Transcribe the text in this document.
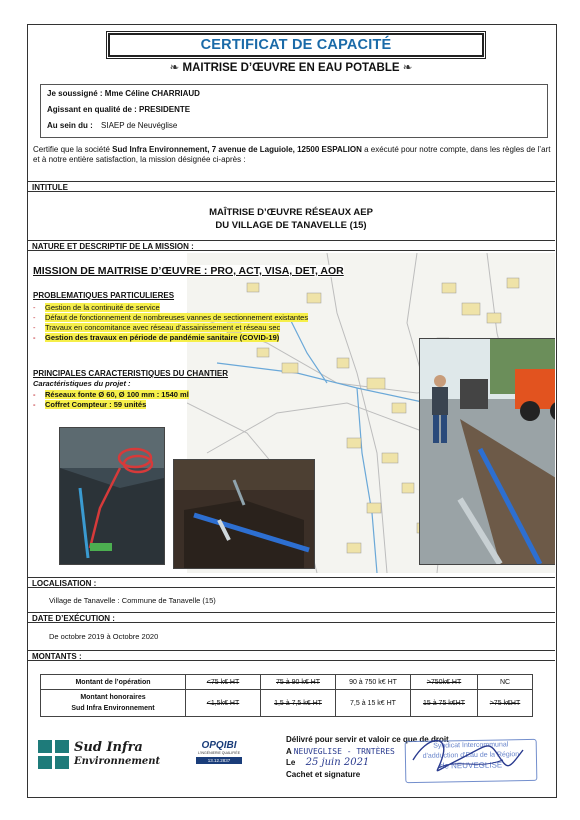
CERTIFICAT DE CAPACITÉ
❧ MAITRISE D’ŒUVRE EN EAU POTABLE ❧
Je soussigné : Mme Céline CHARRIAUD
Agissant en qualité de : PRESIDENTE
Au sein du : SIAEP de Neuvéglise
Certifie que la société Sud Infra Environnement, 7 avenue de Laguiole, 12500 ESPALION a exécuté pour notre compte, dans les règles de l’art et à notre entière satisfaction, la mission désignée ci-après :
INTITULE
MAÎTRISE D’ŒUVRE RÉSEAUX AEP
DU VILLAGE DE TANAVELLE (15)
NATURE ET DESCRIPTIF DE LA MISSION :
MISSION DE MAITRISE D’ŒUVRE : PRO, ACT, VISA, DET, AOR
PROBLEMATIQUES PARTICULIERES
- Gestion de la continuité de service
- Défaut de fonctionnement de nombreuses vannes de sectionnement existantes
- Travaux en concomitance avec réseau d’assainissement et réseau sec
- Gestion des travaux en période de pandémie sanitaire (COVID-19)
PRINCIPALES CARACTERISTIQUES DU CHANTIER
Caractéristiques du projet :
- Réseaux fonte Ø 60, Ø 100 mm : 1540 ml
- Coffret Compteur : 59 unités
LOCALISATION :
Village de Tanavelle : Commune de Tanavelle (15)
DATE D’EXÉCUTION :
De octobre 2019 à Octobre 2020
MONTANTS :
Montant de l’opération	<75 k€ HT	75 à 90 k€ HT	90 à 750 k€ HT	>750k€ HT	NC

Montant honoraires
Sud Infra Environnement	<1,5k€ HT	1,5 à 7,5 k€ HT	7,5 à 15 k€ HT	15 à 75 k€HT	>75 k€HT
Sud Infra
Environnement
OPQIBI
L'INGÉNIERIE QUALIFIÉE
13.12.2837
Délivré pour servir et valoir ce que de droit
A NEUVEGLISE - TRNTÈRES
Le 25 juin 2021
Cachet et signature
Syndicat Intercommunal
d'adduction d'Eau de la Région
de NEUVEGLISE
